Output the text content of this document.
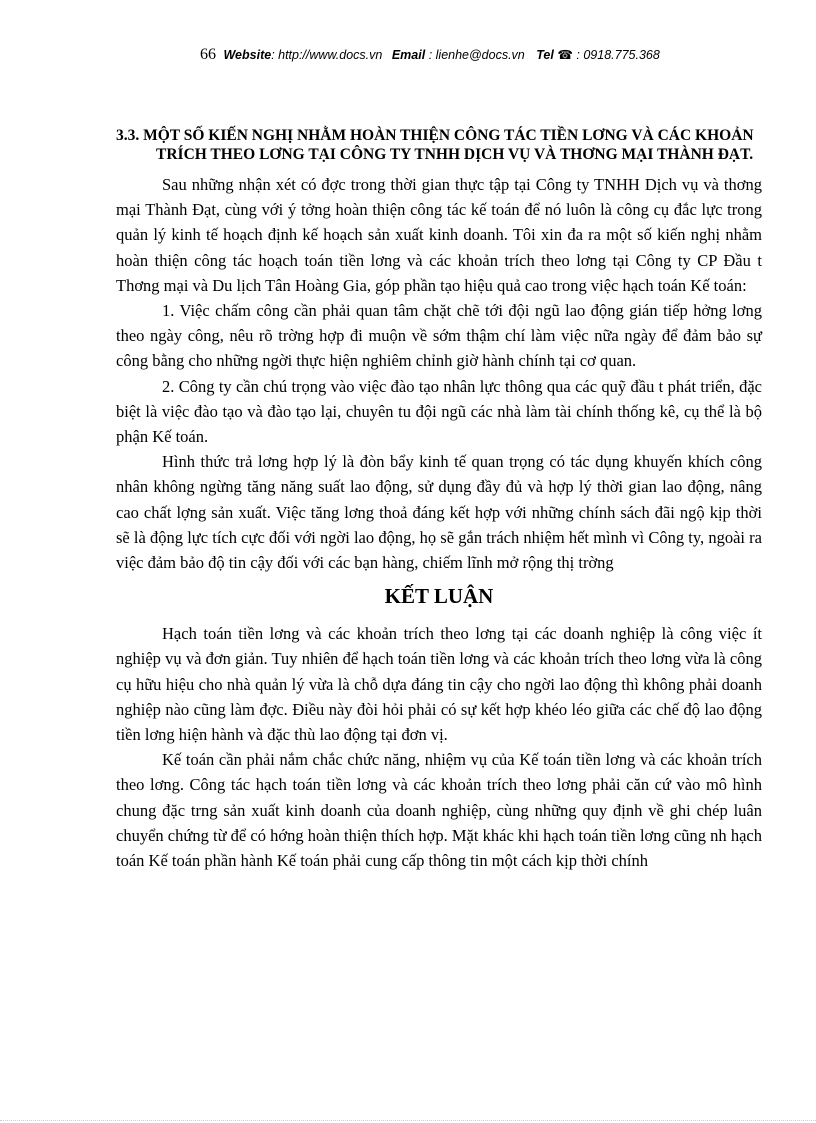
66 Website: http://www.docs.vn Email : lienhe@docs.vn Tel ☎ : 0918.775.368
3.3. MỘT SỐ KIẾN NGHỊ NHẰM HOÀN THIỆN CÔNG TÁC TIỀN LƠNG VÀ CÁC KHOẢN TRÍCH THEO LƠNG TẠI CÔNG TY TNHH DỊCH VỤ VÀ THƠNG MẠI THÀNH ĐẠT.

Sau những nhận xét có đợc trong thời gian thực tập tại Công ty TNHH Dịch vụ và thơng mại Thành Đạt, cùng với ý tởng hoàn thiện công tác kế toán để nó luôn là công cụ đắc lực trong quản lý kinh tế hoạch định kế hoạch sản xuất kinh doanh. Tôi xin đa ra một số kiến nghị nhằm hoàn thiện công tác hoạch toán tiền lơng và các khoản trích theo lơng tại Công ty CP Đầu t Thơng mại và Du lịch Tân Hoàng Gia, góp phần tạo hiệu quả cao trong việc hạch toán Kế toán:

1. Việc chấm công cần phải quan tâm chặt chẽ tới đội ngũ lao động gián tiếp hởng lơng theo ngày công, nêu rõ trờng hợp đi muộn về sớm thậm chí làm việc nữa ngày để đảm bảo sự công bằng cho những ngời thực hiện nghiêm chỉnh giờ hành chính tại cơ quan.

2. Công ty cần chú trọng vào việc đào tạo nhân lực thông qua các quỹ đầu t phát triển, đặc biệt là việc đào tạo và đào tạo lại, chuyên tu đội ngũ các nhà làm tài chính thống kê, cụ thể là bộ phận Kế toán.

Hình thức trả lơng hợp lý là đòn bẩy kinh tế quan trọng có tác dụng khuyến khích công nhân không ngừng tăng năng suất lao động, sử dụng đầy đủ và hợp lý thời gian lao động, nâng cao chất lợng sản xuất. Việc tăng lơng thoả đáng kết hợp với những chính sách đãi ngộ kịp thời sẽ là động lực tích cực đối với ngời lao động, họ sẽ gắn trách nhiệm hết mình vì Công ty, ngoài ra việc đảm bảo độ tin cậy đối với các bạn hàng, chiếm lĩnh mở rộng thị trờng

KẾT LUẬN

Hạch toán tiền lơng và các khoản trích theo lơng tại các doanh nghiệp là công việc ít nghiệp vụ và đơn giản. Tuy nhiên để hạch toán tiền lơng và các khoản trích theo lơng vừa là công cụ hữu hiệu cho nhà quản lý vừa là chỗ dựa đáng tin cậy cho ngời lao động thì không phải doanh nghiệp nào cũng làm đợc. Điều này đòi hỏi phải có sự kết hợp khéo léo giữa các chế độ lao động tiền lơng hiện hành và đặc thù lao động tại đơn vị.

Kế toán cần phải nắm chắc chức năng, nhiệm vụ của Kế toán tiền lơng và các khoản trích theo lơng. Công tác hạch toán tiền lơng và các khoản trích theo lơng phải căn cứ vào mô hình chung đặc trng sản xuất kinh doanh của doanh nghiệp, cùng những quy định về ghi chép luân chuyển chứng từ để có hớng hoàn thiện thích hợp. Mặt khác khi hạch toán tiền lơng cũng nh hạch toán Kế toán phần hành Kế toán phải cung cấp thông tin một cách kịp thời chính
